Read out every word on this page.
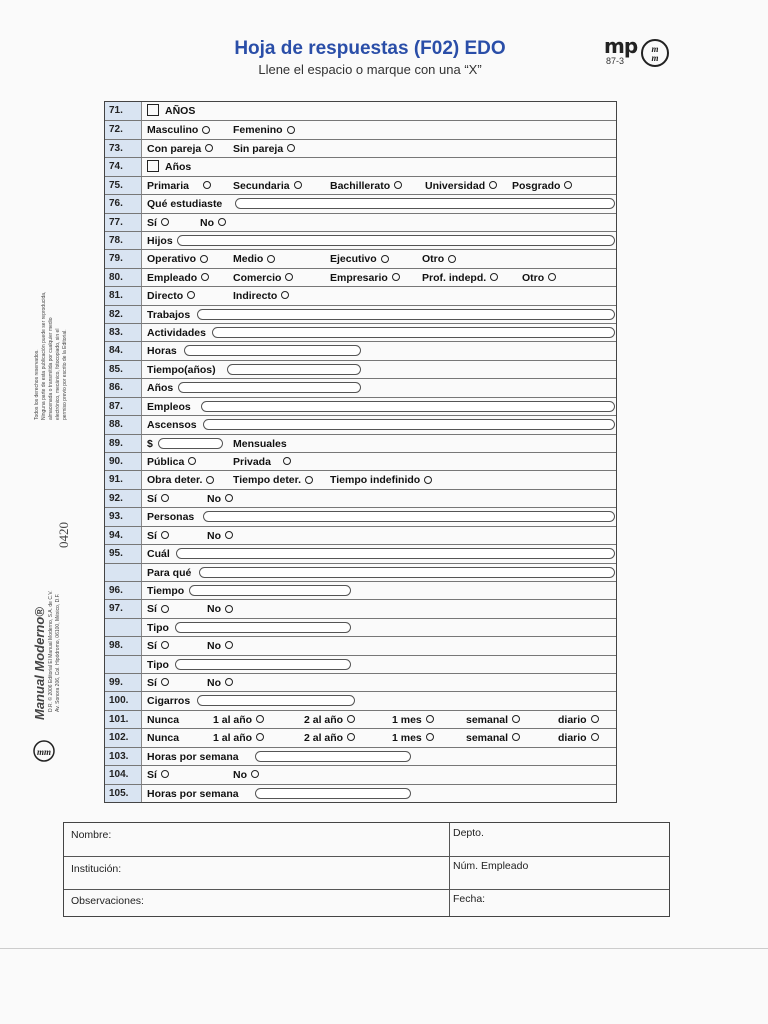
Hoja de respuestas (F02) EDO
Llene el espacio o marque con una “X”
mp
87-3
m
m
Todos los derechos reservados. Ninguna parte de esta publicación puede ser reproducida, almacenada o transmitida por cualquier medio electrónico, mecánico, fotocopiado, sin el permiso previo por escrito de la Editorial.
0420
D.R. © 2006 Editorial El Manual Moderno, S.A. de C.V. Av. Sonora 206, Col. Hipódromo, 06100, México, D.F.
Manual Moderno®
mm
71.	AÑOS
72. Masculino	Femenino
73. Con pareja	Sin pareja
74.	Años
75. Primaria	Secundaria	Bachillerato	Universidad	Posgrado
76. Qué estudiaste
77. Sí	No
78. Hijos
79. Operativo	Medio	Ejecutivo	Otro
80. Empleado	Comercio	Empresario	Prof. indepd.	Otro
81. Directo	Indirecto
82. Trabajos
83. Actividades
84. Horas
85. Tiempo(años)
86. Años
87. Empleos
88. Ascensos
89. $	Mensuales
90. Pública	Privada
91. Obra deter.	Tiempo deter.	Tiempo indefinido
92. Sí	No
93. Personas
94. Sí	No
95. Cuál
Para qué
96. Tiempo
97. Sí	No
Tipo
98. Sí	No
Tipo
99. Sí	No
100. Cigarros
101. Nunca	1 al año	2 al año	1 mes	semanal	diario
102. Nunca	1 al año	2 al año	1 mes	semanal	diario
103. Horas por semana
104. Sí	No
105. Horas por semana
Nombre:	Depto.
Institución:	Núm. Empleado
Observaciones:	Fecha:
